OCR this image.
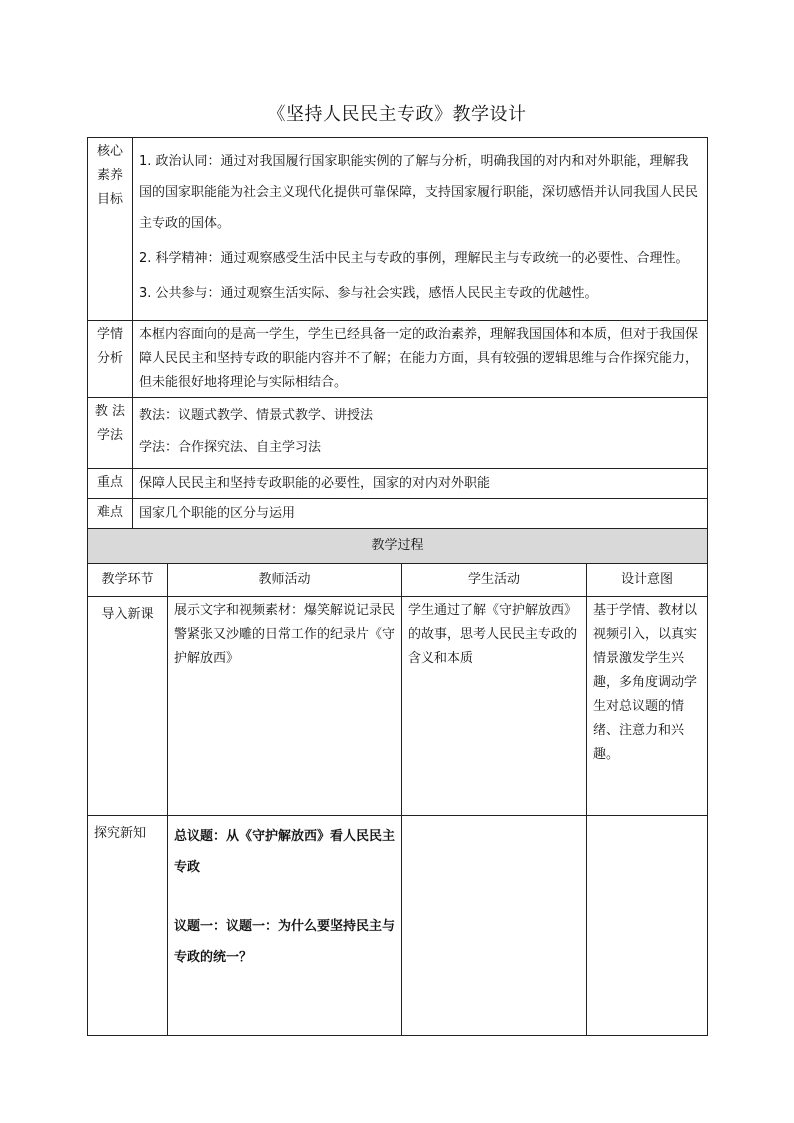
《坚持人民民主专政》教学设计
核心
素养
目标	1. 政治认同：通过对我国履行国家职能实例的了解与分析，明确我国的对内和对外职能，理解我国的国家职能能为社会主义现代化提供可靠保障，支持国家履行职能，深切感悟并认同我国人民民主专政的国体。
2. 科学精神：通过观察感受生活中民主与专政的事例，理解民主与专政统一的必要性、合理性。
3. 公共参与：通过观察生活实际、参与社会实践，感悟人民民主专政的优越性。			

学情
分析	本框内容面向的是高一学生，学生已经具备一定的政治素养，理解我国国体和本质，但对于我国保障人民民主和坚持专政的职能内容并不了解；在能力方面，具有较强的逻辑思维与合作探究能力，但未能很好地将理论与实际相结合。			

教 法
学法	教法：议题式教学、情景式教学、讲授法
学法：合作探究法、自主学习法			

重点	保障人民民主和坚持专政职能的必要性，国家的对内对外职能			
难点	国家几个职能的区分与运用			
教学过程				
教学环节		教师活动	学生活动	设计意图
导入新课		展示文字和视频素材：爆笑解说记录民警紧张又沙雕的日常工作的纪录片《守护解放西》	学生通过了解《守护解放西》的故事，思考人民民主专政的含义和本质	基于学情、教材以视频引入，以真实情景激发学生兴趣，多角度调动学生对总议题的情绪、注意力和兴趣。
探究新知		总议题：从《守护解放西》看人民民主专政
议题一：议题一：为什么要坚持民主与专政的统一？		
